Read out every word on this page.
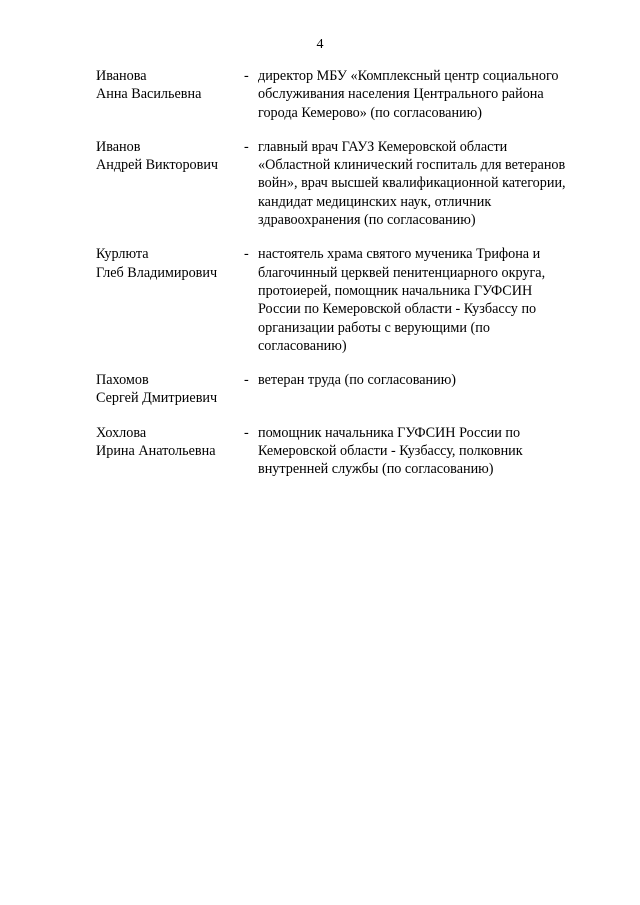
4
Иванова
Анна Васильевна
- директор МБУ «Комплексный центр социального
обслуживания населения Центрального района
города Кемерово» (по согласованию)
Иванов
Андрей Викторович
- главный врач ГАУЗ Кемеровской области
«Областной клинический госпиталь для ветеранов
войн», врач высшей квалификационной категории,
кандидат медицинских наук, отличник
здравоохранения (по согласованию)
Курлюта
Глеб Владимирович
- настоятель храма святого мученика Трифона и
благочинный церквей пенитенциарного округа,
протоиерей, помощник начальника ГУФСИН
России по Кемеровской области - Кузбассу по
организации работы с верующими (по
согласованию)
Пахомов
Сергей Дмитриевич
- ветеран труда (по согласованию)
Хохлова
Ирина Анатольевна
- помощник начальника ГУФСИН России по
Кемеровской области - Кузбассу, полковник
внутренней службы (по согласованию)
